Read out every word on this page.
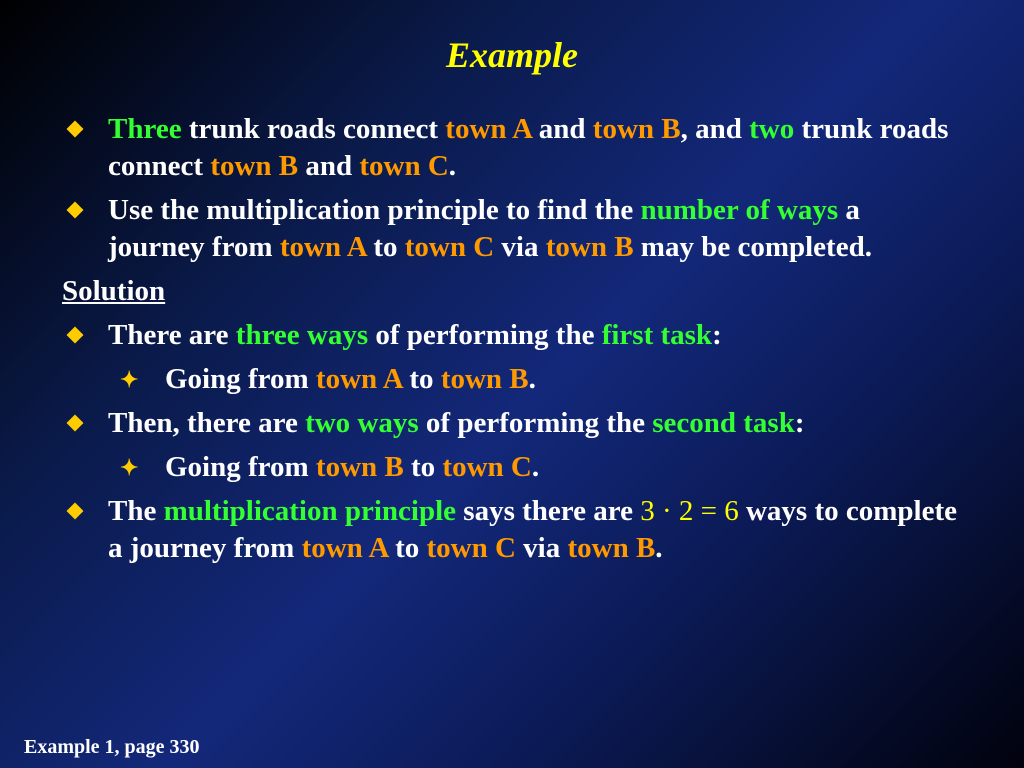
Example
Three trunk roads connect town A and town B, and two trunk roads connect town B and town C.
Use the multiplication principle to find the number of ways a journey from town A to town C via town B may be completed.
Solution
There are three ways of performing the first task:
✦ Going from town A to town B.
Then, there are two ways of performing the second task:
✦ Going from town B to town C.
The multiplication principle says there are 3 · 2 = 6 ways to complete a journey from town A to town C via town B.
Example 1, page 330
